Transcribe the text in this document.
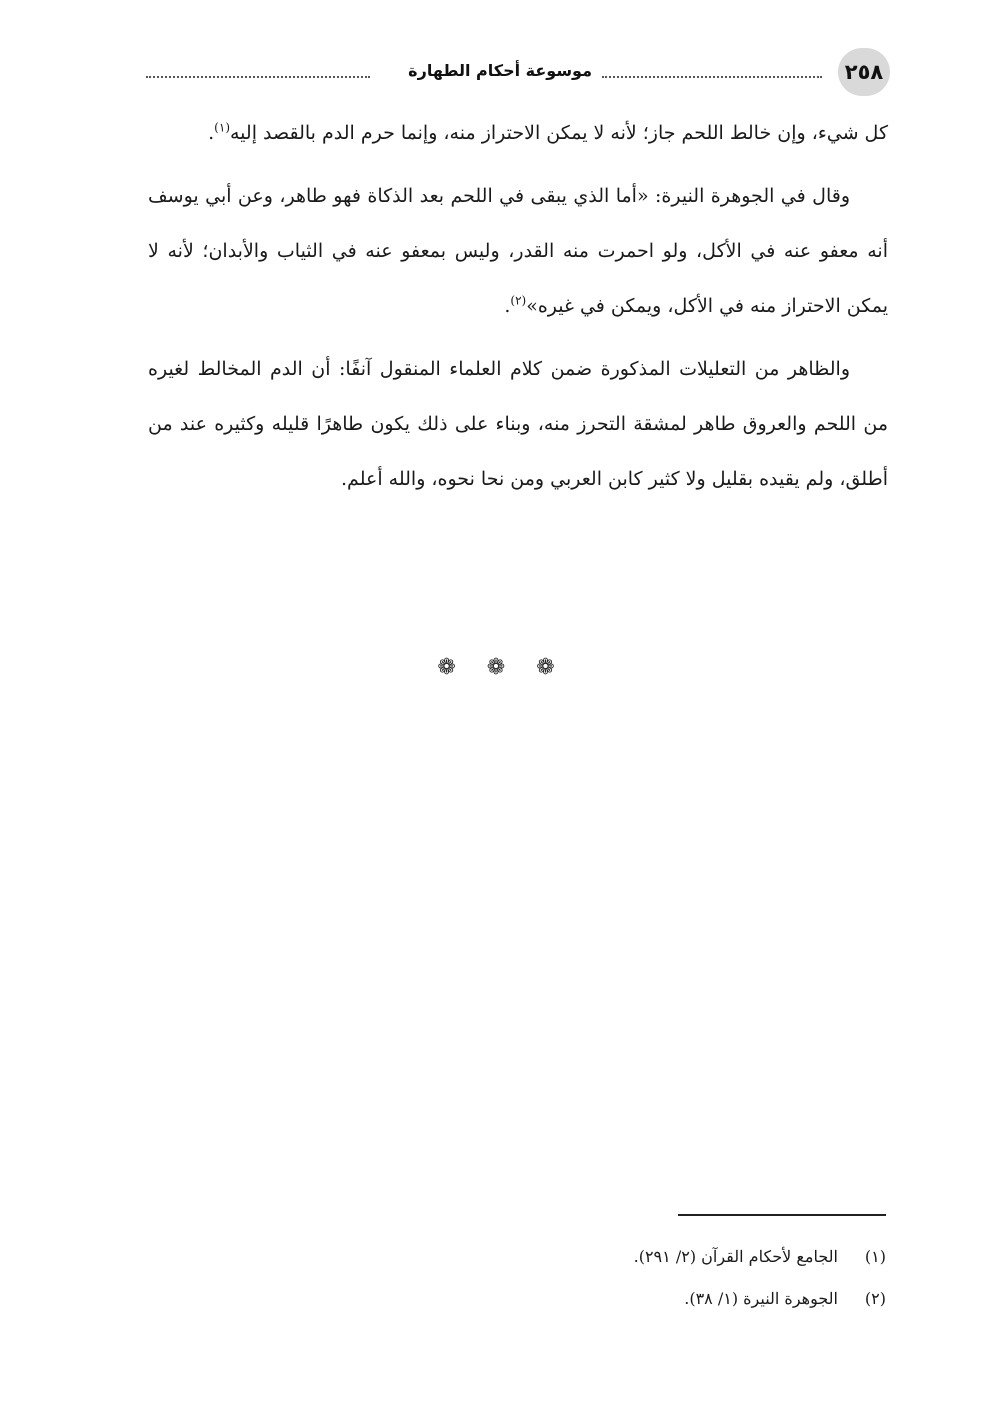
٢٥٨
موسوعة أحكام الطهارة

كل شيء، وإن خالط اللحم جاز؛ لأنه لا يمكن الاحتراز منه، وإنما حرم الدم بالقصد إليه$^{(١)}$.

وقال في الجوهرة النيرة: «أما الذي يبقى في اللحم بعد الذكاة فهو طاهر، وعن أبي يوسف أنه معفو عنه في الأكل، ولو احمرت منه القدر، وليس بمعفو عنه في الثياب والأبدان؛ لأنه لا يمكن الاحتراز منه في الأكل، ويمكن في غيره»$^{(٢)}$.

والظاهر من التعليلات المذكورة ضمن كلام العلماء المنقول آنفًا: أن الدم المخالط لغيره من اللحم والعروق طاهر لمشقة التحرز منه، وبناء على ذلك يكون طاهرًا قليله وكثيره عند من أطلق، ولم يقيده بقليل ولا كثير كابن العربي ومن نحا نحوه، والله أعلم.

❁ ❁ ❁
(١)
الجامع لأحكام القرآن (٢/ ٢٩١).
(٢)
الجوهرة النيرة (١/ ٣٨).
